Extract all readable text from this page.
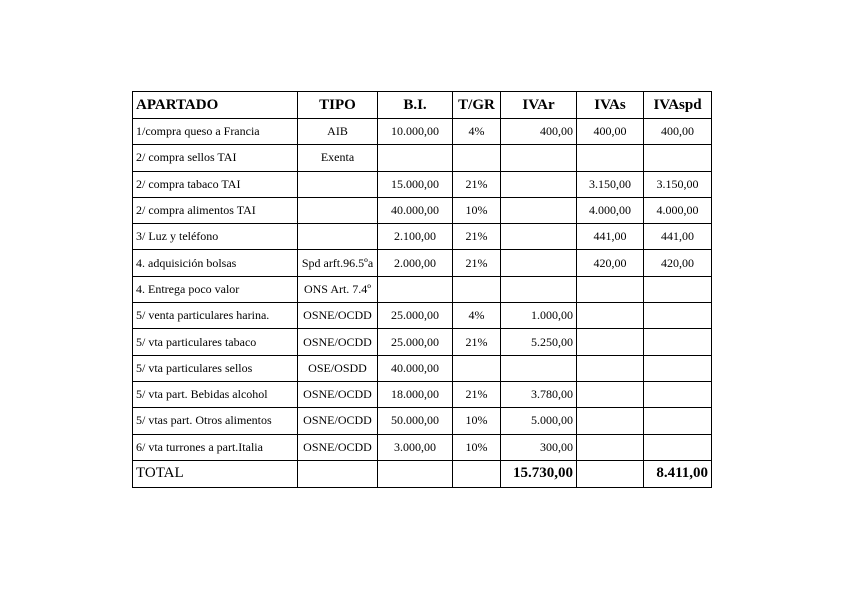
APARTADO	TIPO	B.I.	T/GR	IVAr	IVAs	IVAspd
1/compra queso a Francia	AIB	10.000,00	4%	400,00	400,00	400,00
2/ compra sellos TAI	Exenta					
2/ compra tabaco TAI		15.000,00	21%		3.150,00	3.150,00
2/ compra alimentos TAI		40.000,00	10%		4.000,00	4.000,00
3/ Luz y teléfono		2.100,00	21%		441,00	441,00
4. adquisición bolsas	Spd arft.96.5ºa	2.000,00	21%		420,00	420,00
4. Entrega poco valor	ONS Art. 7.4º					
5/ venta particulares harina.	OSNE/OCDD	25.000,00	4%	1.000,00		
5/ vta particulares tabaco	OSNE/OCDD	25.000,00	21%	5.250,00		
5/ vta particulares sellos	OSE/OSDD	40.000,00				
5/ vta part. Bebidas alcohol	OSNE/OCDD	18.000,00	21%	3.780,00		
5/ vtas part. Otros alimentos	OSNE/OCDD	50.000,00	10%	5.000,00		
6/ vta turrones a part.Italia	OSNE/OCDD	3.000,00	10%	300,00		
TOTAL				15.730,00		8.411,00
